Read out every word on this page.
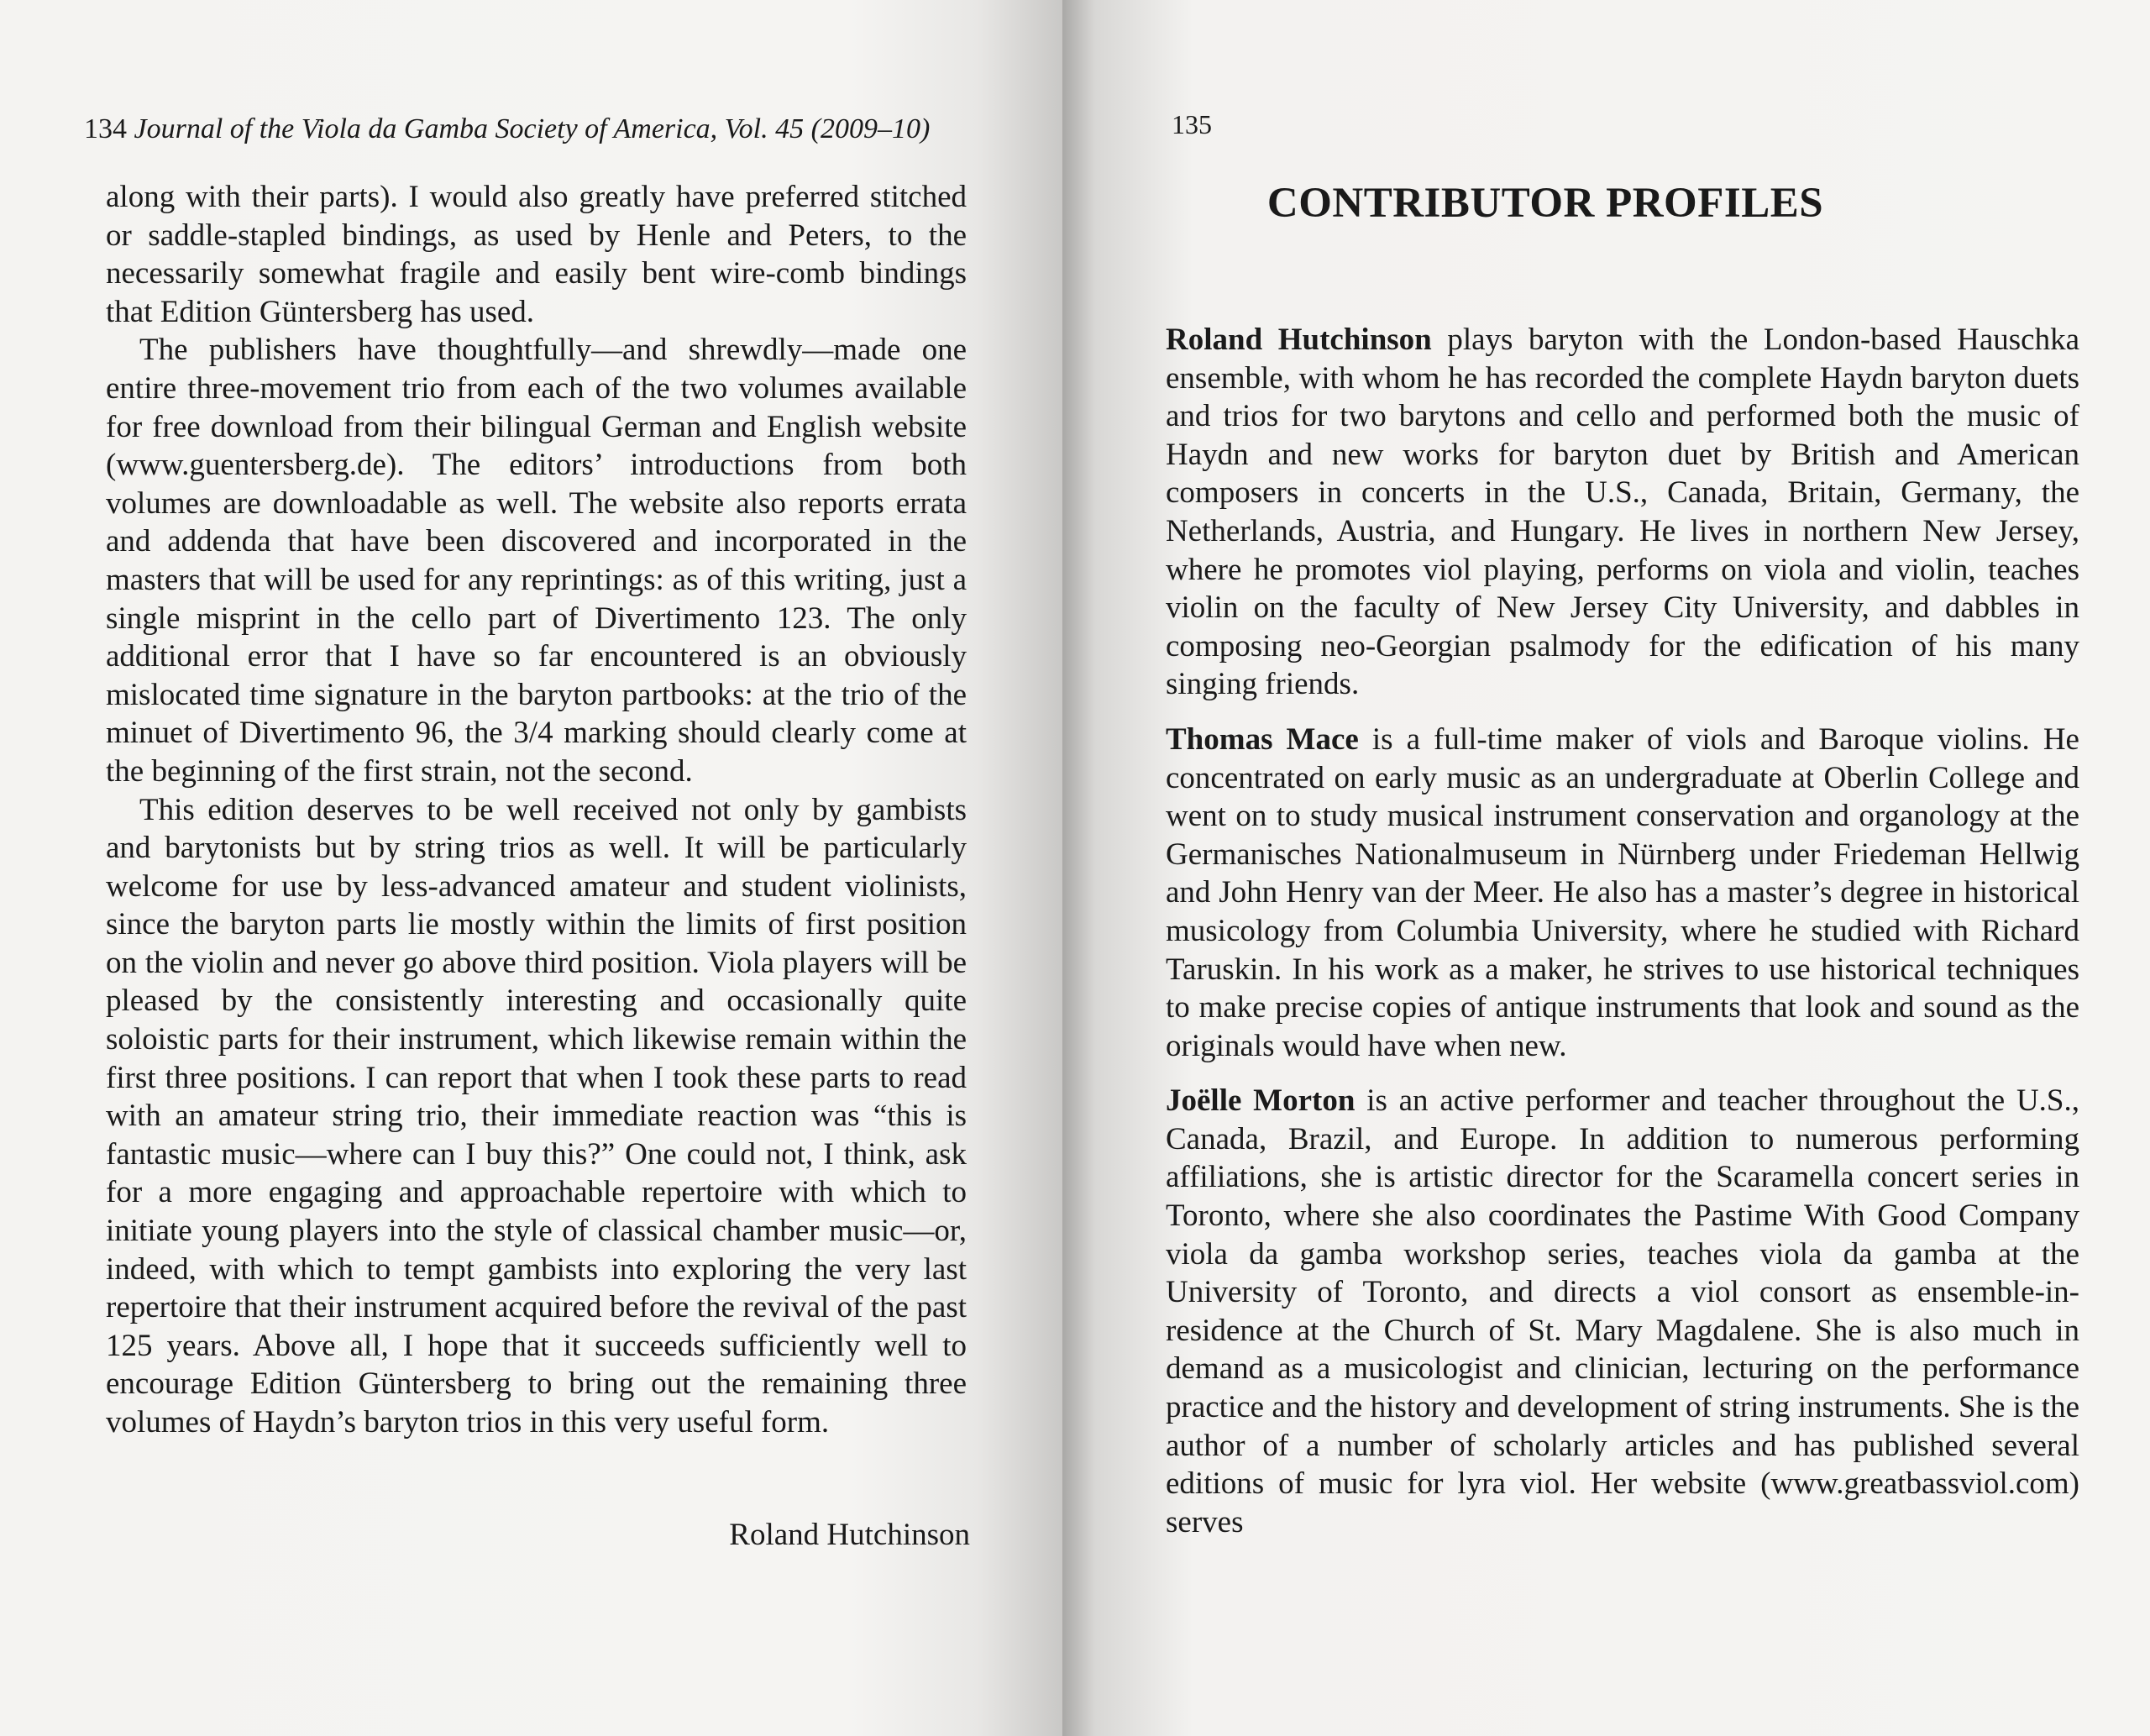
134 Journal of the Viola da Gamba Society of America, Vol. 45 (2009–10)

along with their parts). I would also greatly have preferred stitched or saddle-stapled bindings, as used by Henle and Peters, to the necessarily somewhat fragile and easily bent wire-comb bindings that Edition Güntersberg has used.

The publishers have thoughtfully—and shrewdly—made one entire three-movement trio from each of the two volumes available for free download from their bilingual German and English website (www.guentersberg.de). The editors’ introductions from both volumes are downloadable as well. The website also reports errata and addenda that have been discovered and incorporated in the masters that will be used for any reprintings: as of this writing, just a single misprint in the cello part of Divertimento 123. The only additional error that I have so far encountered is an obviously mislocated time signature in the baryton partbooks: at the trio of the minuet of Divertimento 96, the 3/4 marking should clearly come at the beginning of the first strain, not the second.

This edition deserves to be well received not only by gambists and barytonists but by string trios as well. It will be particularly welcome for use by less-advanced amateur and student violinists, since the baryton parts lie mostly within the limits of first position on the violin and never go above third position. Viola players will be pleased by the consistently interesting and occasionally quite soloistic parts for their instrument, which likewise remain within the first three positions. I can report that when I took these parts to read with an amateur string trio, their immediate reaction was “this is fantastic music—where can I buy this?” One could not, I think, ask for a more engaging and approachable repertoire with which to initiate young players into the style of classical chamber music—or, indeed, with which to tempt gambists into exploring the very last repertoire that their instrument acquired before the revival of the past 125 years. Above all, I hope that it succeeds sufficiently well to encourage Edition Güntersberg to bring out the remaining three volumes of Haydn’s baryton trios in this very useful form.

Roland Hutchinson
135
CONTRIBUTOR PROFILES

Roland Hutchinson plays baryton with the London-based Hauschka ensemble, with whom he has recorded the complete Haydn baryton duets and trios for two barytons and cello and performed both the music of Haydn and new works for baryton duet by British and American composers in concerts in the U.S., Canada, Britain, Germany, the Netherlands, Austria, and Hungary. He lives in northern New Jersey, where he promotes viol playing, performs on viola and violin, teaches violin on the faculty of New Jersey City University, and dabbles in composing neo-Georgian psalmody for the edification of his many singing friends.

Thomas Mace is a full-time maker of viols and Baroque violins. He concentrated on early music as an undergraduate at Oberlin College and went on to study musical instrument conservation and organology at the Germanisches Nationalmuseum in Nürnberg under Friedeman Hellwig and John Henry van der Meer. He also has a master’s degree in historical musicology from Columbia University, where he studied with Richard Taruskin. In his work as a maker, he strives to use historical techniques to make precise copies of antique instruments that look and sound as the originals would have when new.

Joëlle Morton is an active performer and teacher throughout the U.S., Canada, Brazil, and Europe. In addition to numerous performing affiliations, she is artistic director for the Scaramella concert series in Toronto, where she also coordinates the Pastime With Good Company viola da gamba workshop series, teaches viola da gamba at the University of Toronto, and directs a viol consort as ensemble-in-residence at the Church of St. Mary Magdalene. She is also much in demand as a musicologist and clinician, lecturing on the performance practice and the history and development of string instruments. She is the author of a number of scholarly articles and has published several editions of music for lyra viol. Her website (www.greatbassviol.com) serves
